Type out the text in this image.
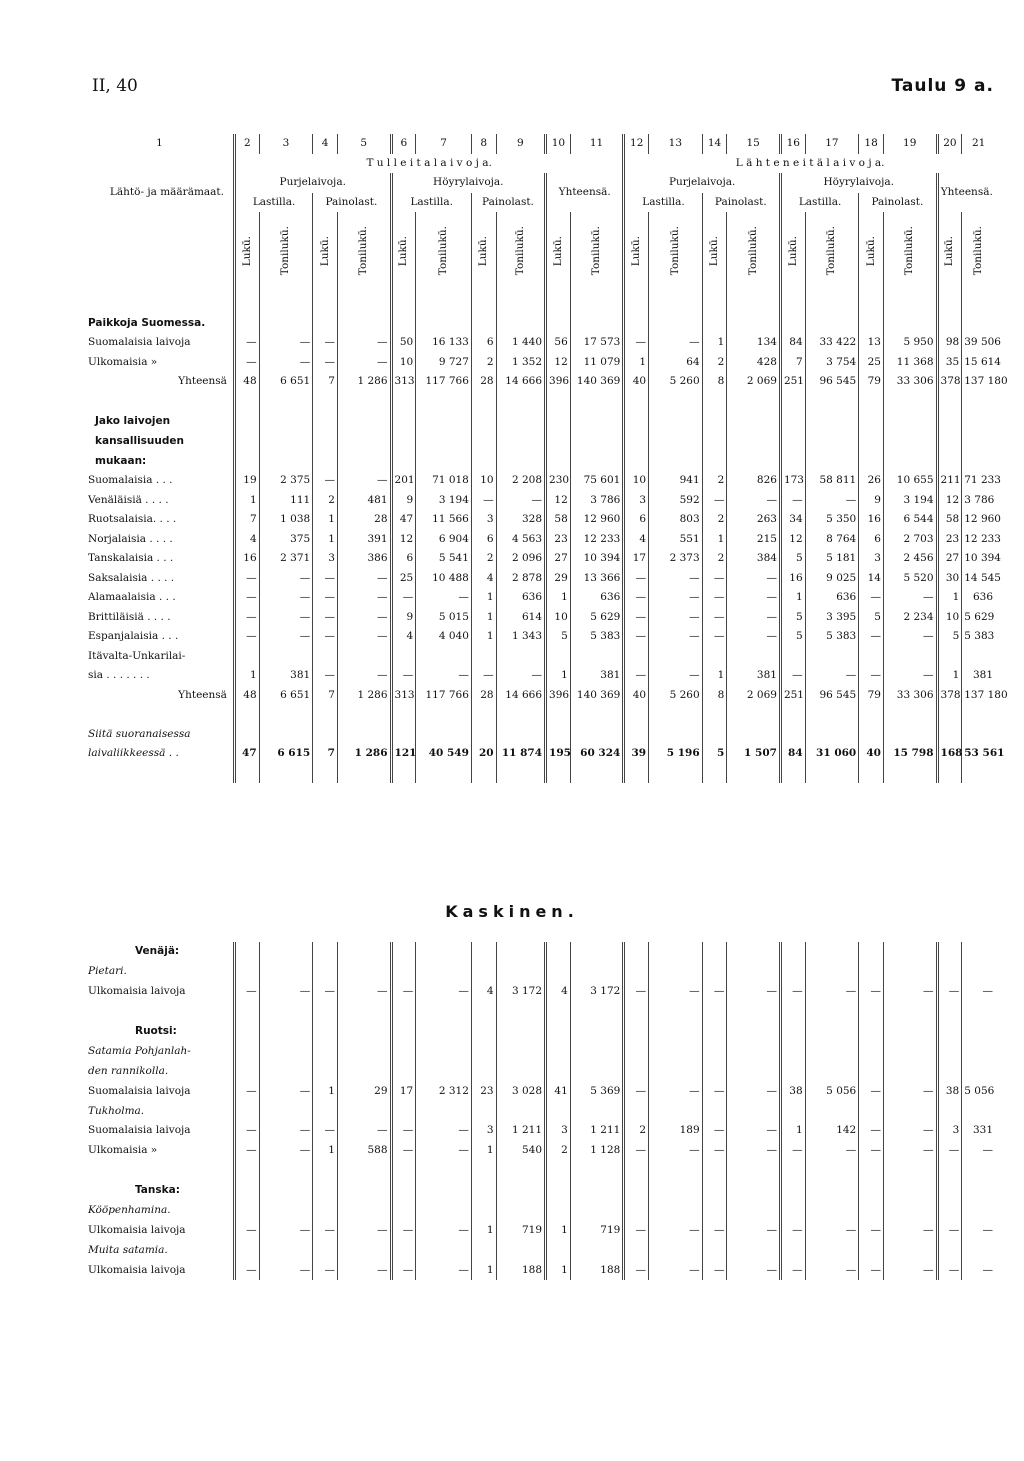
II, 40	Taulu 9 a.
1	2	3	4	5	6	7	8	9	10	11	12	13	14	15	16	17	18	19	20	21
	T u l l e i t a l a i v o j a.										L ä h t e n e i t ä l a i v o j a.									
Lähtö- ja määrämaat.	Purjelaivoja.				Höyrylaivoja.				Yhteensä.		Purjelaivoja.				Höyrylaivoja.				Yhteensä.	
	Lastilla.		Painolast.		Lastilla.		Painolast.				Lastilla.		Painolast.		Lastilla.		Painolast.			
	Lukū.	Tonilukū.	Lukū.	Tonilukū.	Lukū.	Tonilukū.	Lukū.	Tonilukū.	Lukū.	Tonilukū.	Lukū.	Tonilukū.	Lukū.	Tonilukū.	Lukū.	Tonilukū.	Lukū.	Tonilukū.	Lukū.	Tonilukū.

Paikkoja Suomessa.																				
Suomalaisia laivoja	—	—	—	—	50	16 133	6	1 440	56	17 573	—	—	1	134	84	33 422	13	5 950	98	39 506
Ulkomaisia »	—	—	—	—	10	9 727	2	1 352	12	11 079	1	64	2	428	7	3 754	25	11 368	35	15 614
Yhteensä	48	6 651	7	1 286	313	117 766	28	14 666	396	140 369	40	5 260	8	2 069	251	96 545	79	33 306	378	137 180

Jako laivojen kansallisuuden mukaan:																				
Suomalaisia . . .	19	2 375	—	—	201	71 018	10	2 208	230	75 601	10	941	2	826	173	58 811	26	10 655	211	71 233
Venäläisiä . . . .	1	111	2	481	9	3 194	—	—	12	3 786	3	592	—	—	—	—	9	3 194	12	3 786
Ruotsalaisia. . . .	7	1 038	1	28	47	11 566	3	328	58	12 960	6	803	2	263	34	5 350	16	6 544	58	12 960
Norjalaisia . . . .	4	375	1	391	12	6 904	6	4 563	23	12 233	4	551	1	215	12	8 764	6	2 703	23	12 233
Tanskalaisia . . .	16	2 371	3	386	6	5 541	2	2 096	27	10 394	17	2 373	2	384	5	5 181	3	2 456	27	10 394
Saksalaisia . . . .	—	—	—	—	25	10 488	4	2 878	29	13 366	—	—	—	—	16	9 025	14	5 520	30	14 545
Alamaalaisia . . .	—	—	—	—	—	—	1	636	1	636	—	—	—	—	1	636	—	—	1	636
Brittiläisiä . . . .	—	—	—	—	9	5 015	1	614	10	5 629	—	—	—	—	5	3 395	5	2 234	10	5 629
Espanjalaisia . . .	—	—	—	—	4	4 040	1	1 343	5	5 383	—	—	—	—	5	5 383	—	—	5	5 383
Itävalta-Unkarilai-																				
sia . . . . . . .	1	381	—	—	—	—	—	—	1	381	—	—	1	381	—	—	—	—	1	381
Yhteensä	48	6 651	7	1 286	313	117 766	28	14 666	396	140 369	40	5 260	8	2 069	251	96 545	79	33 306	378	137 180

Siitä suoranaisessa																				
laivaliikkeessä . .	47	6 615	7	1 286	121	40 549	20	11 874	195	60 324	39	5 196	5	1 507	84	31 060	40	15 798	168	53 561

Kaskinen.
Venäjä:																				
Pietari.																				
Ulkomaisia laivoja	—	—	—	—	—	—	4	3 172	4	3 172	—	—	—	—	—	—	—	—	—	—

Ruotsi:																				
Satamia Pohjanlah-																				
den rannikolla.																				
Suomalaisia laivoja	—	—	1	29	17	2 312	23	3 028	41	5 369	—	—	—	—	38	5 056	—	—	38	5 056
Tukholma.																				
Suomalaisia laivoja	—	—	—	—	—	—	3	1 211	3	1 211	2	189	—	—	1	142	—	—	3	331
Ulkomaisia »	—	—	1	588	—	—	1	540	2	1 128	—	—	—	—	—	—	—	—	—	—

Tanska:																				
Kööpenhamina.																				
Ulkomaisia laivoja	—	—	—	—	—	—	1	719	1	719	—	—	—	—	—	—	—	—	—	—
Muita satamia.																				
Ulkomaisia laivoja	—	—	—	—	—	—	1	188	1	188	—	—	—	—	—	—	—	—	—	—
